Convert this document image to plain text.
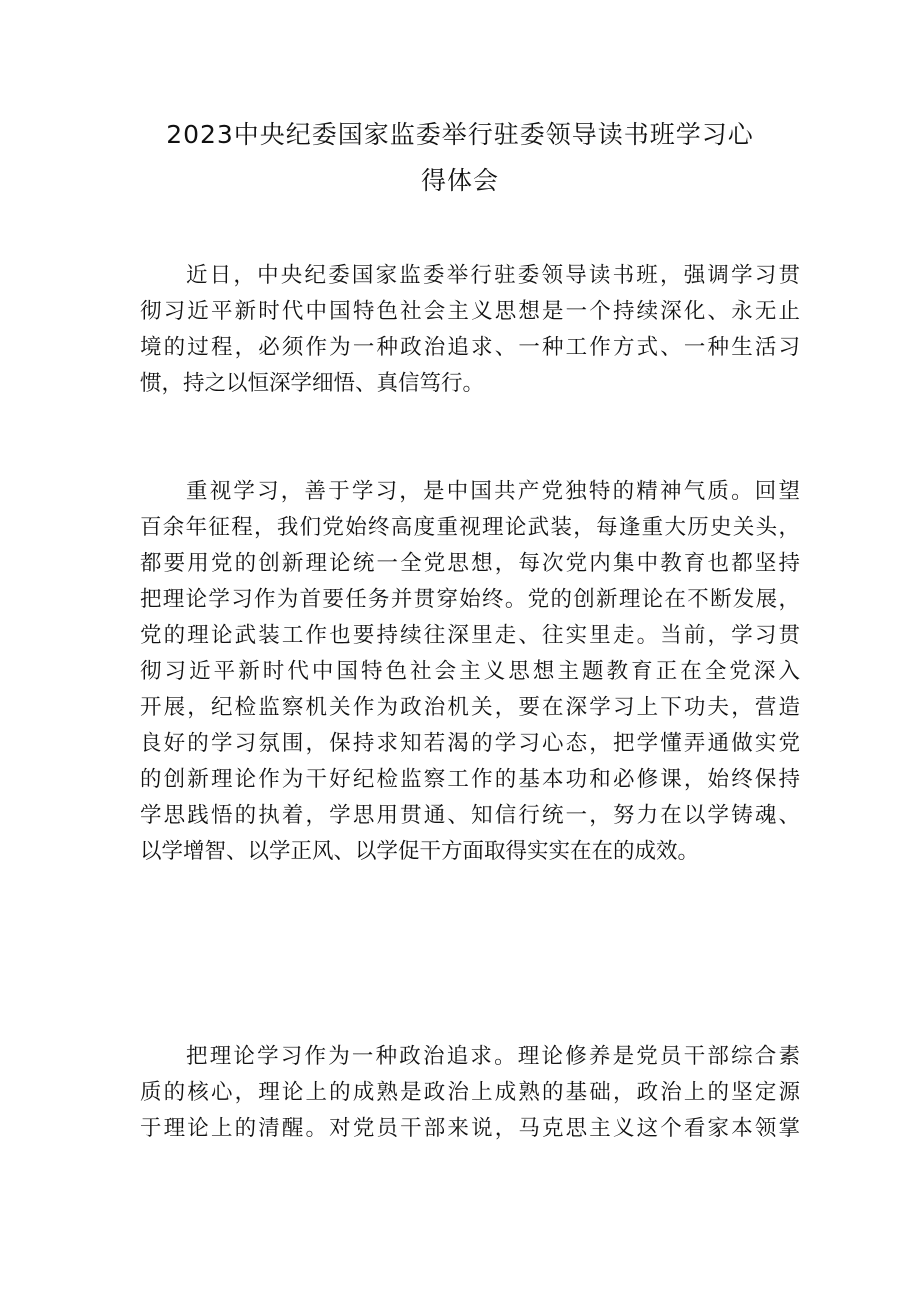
2023中央纪委国家监委举行驻委领导读书班学习心
得体会

近日，中央纪委国家监委举行驻委领导读书班，强调学习贯
彻习近平新时代中国特色社会主义思想是一个持续深化、永无止
境的过程，必须作为一种政治追求、一种工作方式、一种生活习
惯，持之以恒深学细悟、真信笃行。

重视学习，善于学习，是中国共产党独特的精神气质。回望
百余年征程，我们党始终高度重视理论武装，每逢重大历史关头，
都要用党的创新理论统一全党思想，每次党内集中教育也都坚持
把理论学习作为首要任务并贯穿始终。党的创新理论在不断发展，
党的理论武装工作也要持续往深里走、往实里走。当前，学习贯
彻习近平新时代中国特色社会主义思想主题教育正在全党深入
开展，纪检监察机关作为政治机关，要在深学习上下功夫，营造
良好的学习氛围，保持求知若渴的学习心态，把学懂弄通做实党
的创新理论作为干好纪检监察工作的基本功和必修课，始终保持
学思践悟的执着，学思用贯通、知信行统一，努力在以学铸魂、
以学增智、以学正风、以学促干方面取得实实在在的成效。

把理论学习作为一种政治追求。理论修养是党员干部综合素
质的核心，理论上的成熟是政治上成熟的基础，政治上的坚定源
于理论上的清醒。对党员干部来说，马克思主义这个看家本领掌
